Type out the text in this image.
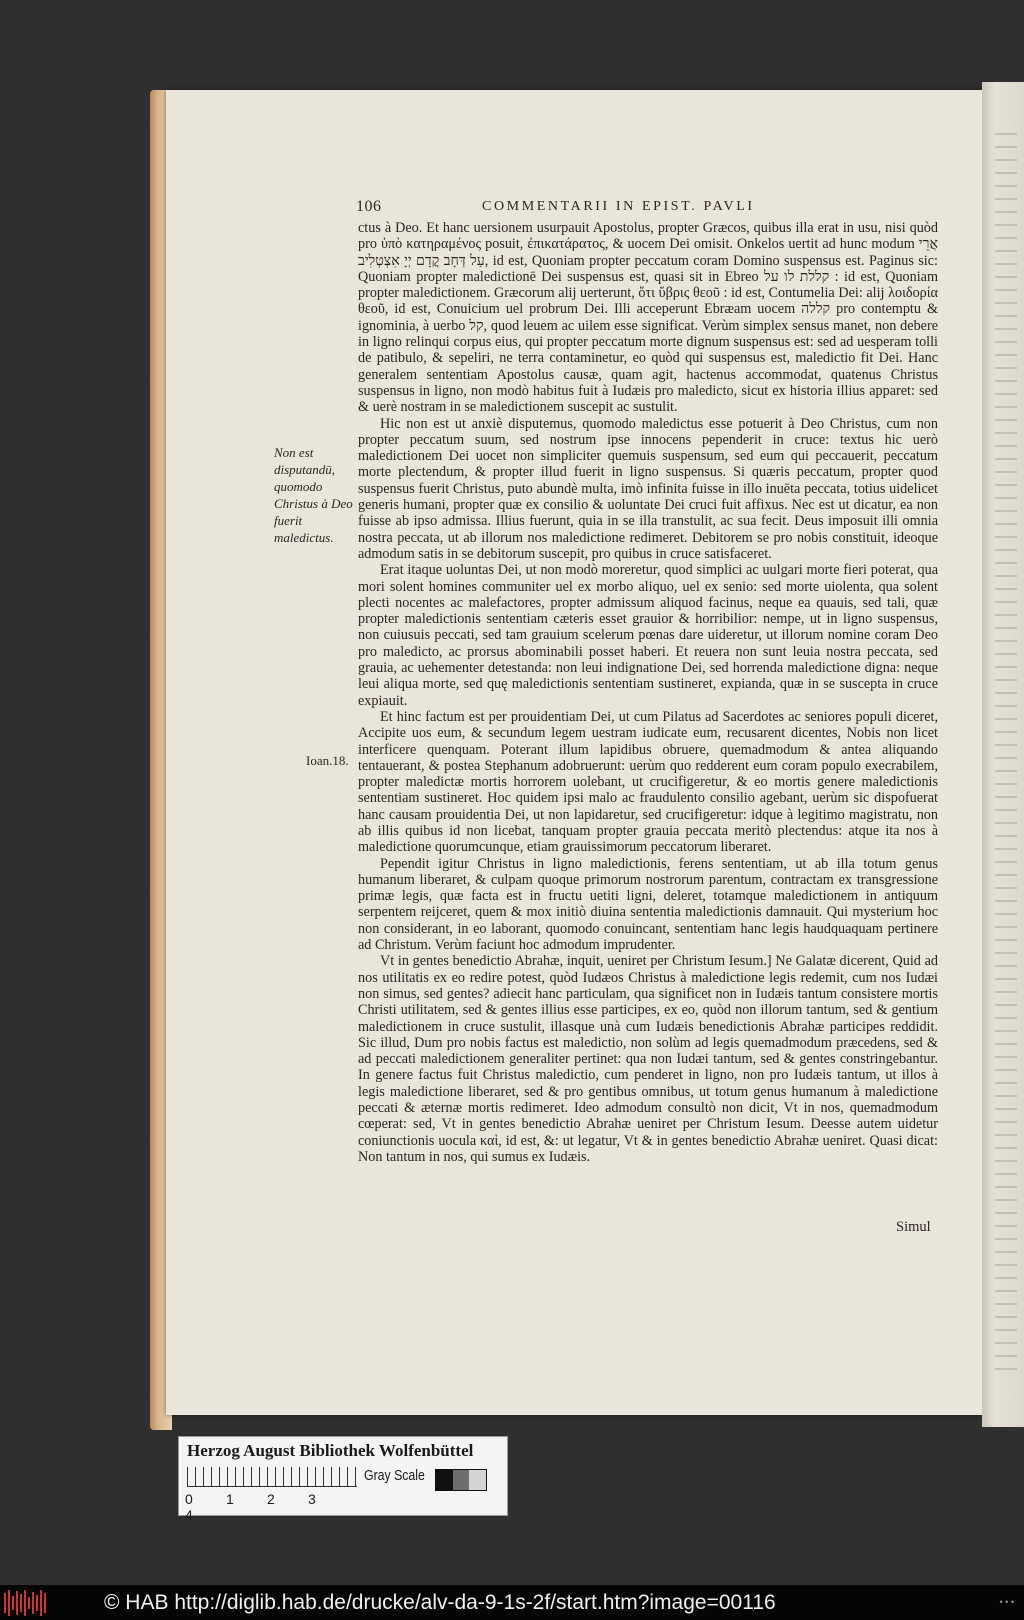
106	COMMENTARII IN EPIST. PAVLI

ctus à Deo. Et hanc uersionem usurpauit Apostolus, propter Græcos, quibus illa erat in usu, nisi quòd pro ὑπὸ κατηραμένος posuit, ἐπικατάρατος, & uocem Dei omisit. Onkelos uertit ad hunc modum אֲרֵי עַל דְּחָב קֳדָם יְיָ אִצְטְלִיב, id est, Quoniam propter peccatum coram Domino suspensus est. Paginus sic: Quoniam propter maledictionē Dei suspensus est, quasi sit in Ebreo קללת לו על : id est, Quoniam propter maledictionem. Græcorum alij uerterunt, ὅτι ὕβρις θεοῦ : id est, Contumelia Dei: alij λοιδορία θεοῦ, id est, Conuicium uel probrum Dei. Illi acceperunt Ebræam uocem קללה pro contemptu & ignominia, à uerbo קל, quod leuem ac uilem esse significat. Verùm simplex sensus manet, non debere in ligno relinqui corpus eius, qui propter peccatum morte dignum suspensus est: sed ad uesperam tolli de patibulo, & sepeliri, ne terra contaminetur, eo quòd qui suspensus est, maledictio fit Dei. Hanc generalem sententiam Apostolus causæ, quam agit, hactenus accommodat, quatenus Christus suspensus in ligno, non modò habitus fuit à Iudæis pro maledicto, sicut ex historia illius apparet: sed & uerè nostram in se maledictionem suscepit ac sustulit.

Hic non est ut anxiè disputemus, quomodo maledictus esse potuerit à Deo Christus, cum non propter peccatum suum, sed nostrum ipse innocens pependerit in cruce: textus hic uerò maledictionem Dei uocet non simpliciter quemuis suspensum, sed eum qui peccauerit, peccatum morte plectendum, & propter illud fuerit in ligno suspensus. Si quæris peccatum, propter quod suspensus fuerit Christus, puto abundè multa, imò infinita fuisse in illo inuēta peccata, totius uidelicet generis humani, propter quæ ex consilio & uoluntate Dei cruci fuit affixus. Nec est ut dicatur, ea non fuisse ab ipso admissa. Illius fuerunt, quia in se illa transtulit, ac sua fecit. Deus imposuit illi omnia nostra peccata, ut ab illorum nos maledictione redimeret. Debitorem se pro nobis constituit, ideoque admodum satis in se debitorum suscepit, pro quibus in cruce satisfaceret.

Erat itaque uoluntas Dei, ut non modò moreretur, quod simplici ac uulgari morte fieri poterat, qua mori solent homines communiter uel ex morbo aliquo, uel ex senio: sed morte uiolenta, qua solent plecti nocentes ac malefactores, propter admissum aliquod facinus, neque ea quauis, sed tali, quæ propter maledictionis sententiam cæteris esset grauior & horribilior: nempe, ut in ligno suspensus, non cuiusuis peccati, sed tam grauium scelerum pœnas dare uideretur, ut illorum nomine coram Deo pro maledicto, ac prorsus abominabili posset haberi. Et reuera non sunt leuia nostra peccata, sed grauia, ac uehementer detestanda: non leui indignatione Dei, sed horrenda maledictione digna: neque leui aliqua morte, sed quę maledictionis sententiam sustineret, expianda, quæ in se suscepta in cruce expiauit.

Et hinc factum est per prouidentiam Dei, ut cum Pilatus ad Sacerdotes ac seniores populi diceret, Accipite uos eum, & secundum legem uestram iudicate eum, recusarent dicentes, Nobis non licet interficere quenquam. Poterant illum lapidibus obruere, quemadmodum & antea aliquando tentauerant, & postea Stephanum adobruerunt: uerùm quo redderent eum coram populo execrabilem, propter maledictæ mortis horrorem uolebant, ut crucifigeretur, & eo mortis genere maledictionis sententiam sustineret. Hoc quidem ipsi malo ac fraudulento consilio agebant, uerùm sic dispofuerat hanc causam prouidentia Dei, ut non lapidaretur, sed crucifigeretur: idque à legitimo magistratu, non ab illis quibus id non licebat, tanquam propter grauia peccata meritò plectendus: atque ita nos à maledictione quorumcunque, etiam grauissimorum peccatorum liberaret.

Pependit igitur Christus in ligno maledictionis, ferens sententiam, ut ab illa totum genus humanum liberaret, & culpam quoque primorum nostrorum parentum, contractam ex transgressione primæ legis, quæ facta est in fructu uetiti ligni, deleret, totamque maledictionem in antiquum serpentem reijceret, quem & mox initiò diuina sententia maledictionis damnauit. Qui mysterium hoc non considerant, in eo laborant, quomodo conuincant, sententiam hanc legis haudquaquam pertinere ad Christum. Verùm faciunt hoc admodum imprudenter.

Vt in gentes benedictio Abrahæ, inquit, ueniret per Christum Iesum.] Ne Galatæ dicerent, Quid ad nos utilitatis ex eo redire potest, quòd Iudæos Christus à maledictione legis redemit, cum nos Iudæi non simus, sed gentes? adiecit hanc particulam, qua significet non in Iudæis tantum consistere mortis Christi utilitatem, sed & gentes illius esse participes, ex eo, quòd non illorum tantum, sed & gentium maledictionem in cruce sustulit, illasque unà cum Iudæis benedictionis Abrahæ participes reddidit. Sic illud, Dum pro nobis factus est maledictio, non solùm ad legis quemadmodum præcedens, sed & ad peccati maledictionem generaliter pertinet: qua non Iudæi tantum, sed & gentes constringebantur. In genere factus fuit Christus maledictio, cum penderet in ligno, non pro Iudæis tantum, ut illos à legis maledictione liberaret, sed & pro gentibus omnibus, ut totum genus humanum à maledictione peccati & æternæ mortis redimeret. Ideo admodum consultò non dicit, Vt in nos, quemadmodum cœperat: sed, Vt in gentes benedictio Abrahæ ueniret per Christum Iesum. Deesse autem uidetur coniunctionis uocula καὶ, id est, &: ut legatur, Vt & in gentes benedictio Abrahæ ueniret. Quasi dicat: Non tantum in nos, qui sumus ex Iudæis.

Non est disputandū, quomodo Christus à Deo fuerit maledictus.
Ioan.18.
Simul
Herzog August Bibliothek Wolfenbüttel
0 1 2 34
Gray Scale
© HAB http://diglib.hab.de/drucke/alv-da-9-1s-2f/start.htm?image=00116	• • •
